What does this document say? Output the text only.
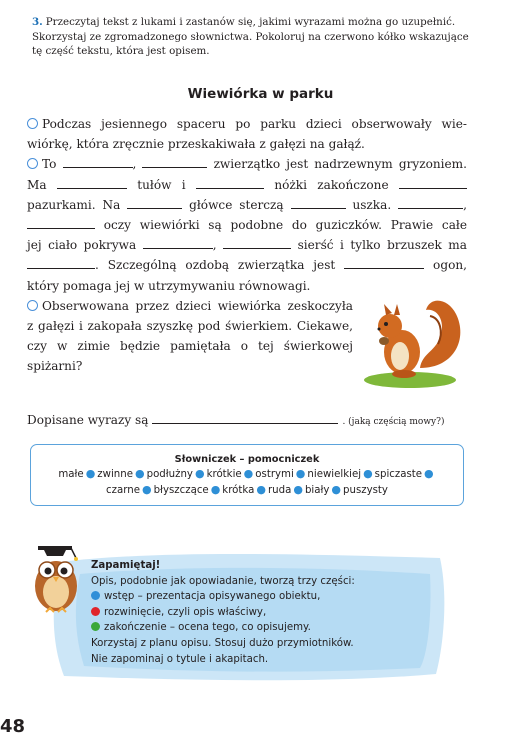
3. Przeczytaj tekst z lukami i zastanów się, jakimi wyrazami można go uzupełnić. Skorzystaj ze zgromadzonego słownictwa. Pokoloruj na czerwono kółko wskazujące tę część tekstu, która jest opisem.
Wiewiórka w parku

Podczas jesiennego spaceru po parku dzieci obserwowały wie-

wiórkę, która zręcznie przeskakiwała z gałęzi na gałąź.

To	,	zwierzątko jest nadrzewnym gryzoniem.

Ma	tułów i	nóżki zakończone

pazurkami. Na	główce sterczą	uszka.	,

oczy wiewiórki są podobne do guziczków. Prawie całe

jej ciało pokrywa	,	sierść i tylko brzuszek ma

. Szczególną ozdobą zwierzątka jest	ogon,

który pomaga jej w utrzymywaniu równowagi.

Obserwowana przez dzieci wiewiórka zeskoczyła

z gałęzi i zakopała szyszkę pod świerkiem. Ciekawe,

czy w zimie będzie pamiętała o tej świerkowej

spiżarni?

Dopisane wyrazy są	. (jaką częścią mowy?)
Słowniczek – pomocniczek
małe ● zwinne ● podłużny ● krótkie ● ostrymi ● niewielkiej ● spiczaste ●
czarne ● błyszczące ● krótka ● ruda ● biały ● puszysty
Zapamiętaj!
Opis, podobnie jak opowiadanie, tworzą trzy części:
wstęp – prezentacja opisywanego obiektu,
rozwinięcie, czyli opis właściwy,
zakończenie – ocena tego, co opisujemy.
Korzystaj z planu opisu. Stosuj dużo przymiotników.
Nie zapominaj o tytule i akapitach.
48
